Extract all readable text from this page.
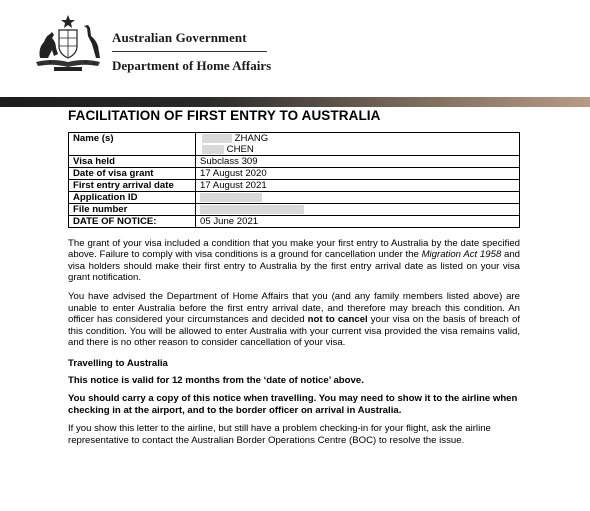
Australian Government
Department of Home Affairs
FACILITATION OF FIRST ENTRY TO AUSTRALIA
Name (s)	ZHANG
CHEN

Visa held	Subclass 309
Date of visa grant	17 August 2020
First entry arrival date	17 August 2021
Application ID	
File number	
DATE OF NOTICE:	05 June 2021

The grant of your visa included a condition that you make your first entry to Australia by the date specified above. Failure to comply with visa conditions is a ground for cancellation under the Migration Act 1958 and visa holders should make their first entry to Australia by the first entry arrival date as listed on your visa grant notification.

You have advised the Department of Home Affairs that you (and any family members listed above) are unable to enter Australia before the first entry arrival date, and therefore may breach this condition. An officer has considered your circumstances and decided not to cancel your visa on the basis of breach of this condition. You will be allowed to enter Australia with your current visa provided the visa remains valid, and there is no other reason to consider cancellation of your visa.

Travelling to Australia

This notice is valid for 12 months from the ‘date of notice’ above.

You should carry a copy of this notice when travelling. You may need to show it to the airline when checking in at the airport, and to the border officer on arrival in Australia.

If you show this letter to the airline, but still have a problem checking-in for your flight, ask the airline representative to contact the Australian Border Operations Centre (BOC) to resolve the issue.
